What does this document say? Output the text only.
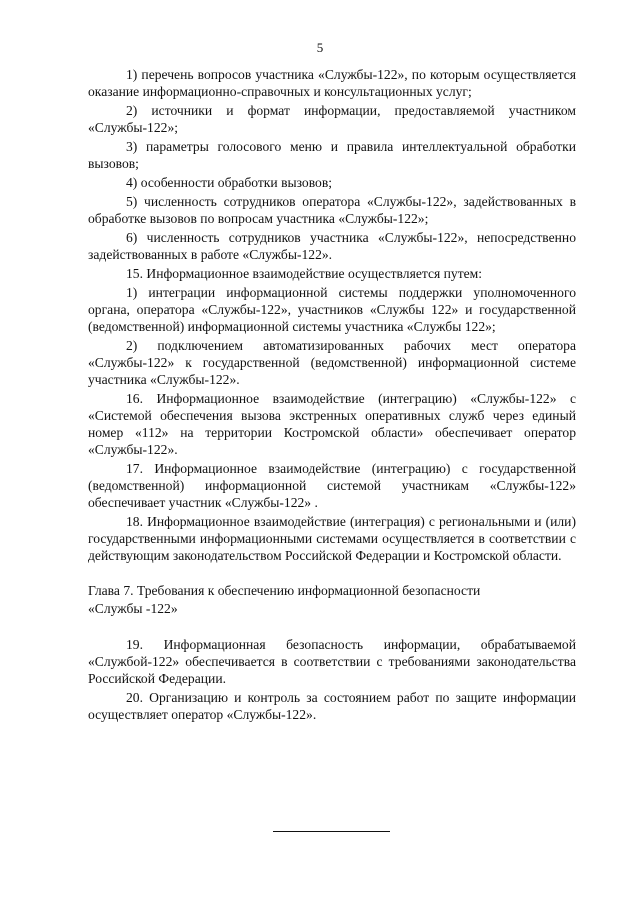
5

1) перечень вопросов участника «Службы-122», по которым осуществляется оказание информационно-справочных и консультационных услуг;

2) источники и формат информации, предоставляемой участником «Службы-122»;

3) параметры голосового меню и правила интеллектуальной обработки вызовов;

4) особенности обработки вызовов;

5) численность сотрудников оператора «Службы-122», задействованных в обработке вызовов по вопросам участника «Службы-122»;

6) численность сотрудников участника «Службы-122», непосредственно задействованных в работе «Службы-122».

15. Информационное взаимодействие осуществляется путем:

1) интеграции информационной системы поддержки уполномоченного органа, оператора «Службы-122», участников «Службы 122» и государственной (ведомственной) информационной системы участника «Службы 122»;

2) подключением автоматизированных рабочих мест оператора «Службы-122» к государственной (ведомственной) информационной системе участника «Службы-122».

16. Информационное взаимодействие (интеграцию) «Службы-122» с «Системой обеспечения вызова экстренных оперативных служб через единый номер «112» на территории Костромской области» обеспечивает оператор «Службы-122».

17. Информационное взаимодействие (интеграцию) с государственной (ведомственной) информационной системой участникам «Службы-122» обеспечивает участник «Службы-122» .

18. Информационное взаимодействие (интеграция) с региональными и (или) государственными информационными системами осуществляется в соответствии с действующим законодательством Российской Федерации и Костромской области.

Глава 7. Требования к обеспечению информационной безопасности
«Службы -122»

19. Информационная безопасность информации, обрабатываемой «Службой-122» обеспечивается в соответствии с требованиями законодательства Российской Федерации.

20. Организацию и контроль за состоянием работ по защите информации осуществляет оператор «Службы-122».
